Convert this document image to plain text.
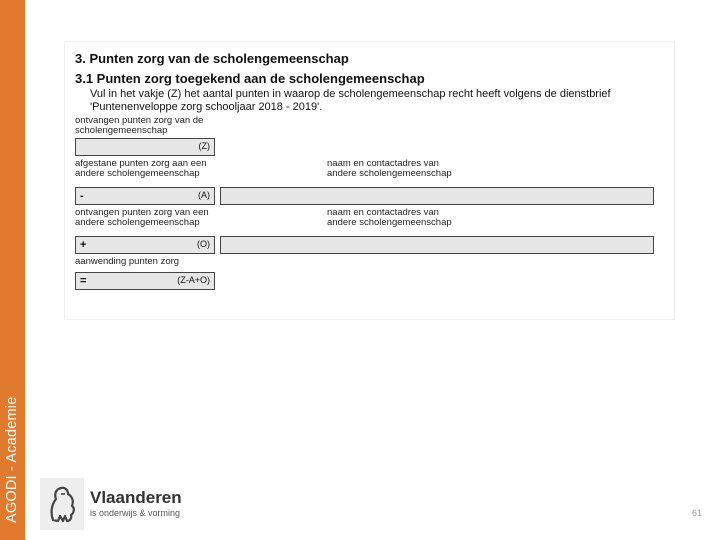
AGODI - Academie
3. Punten zorg van de scholengemeenschap
3.1 Punten zorg toegekend aan de scholengemeenschap
Vul in het vakje (Z) het aantal punten in waarop de scholengemeenschap recht heeft volgens de dienstbrief 'Puntenenveloppe zorg schooljaar 2018 - 2019'.
ontvangen punten zorg van de scholengemeenschap
(Z)
afgestane punten zorg aan een andere scholengemeenschap
naam en contactadres van andere scholengemeenschap
-	(A)
ontvangen punten zorg van een andere scholengemeenschap
naam en contactadres van andere scholengemeenschap
+	(O)
aanwending punten zorg
=	(Z-A+O)
Vlaanderen
is onderwijs & vorming	61
